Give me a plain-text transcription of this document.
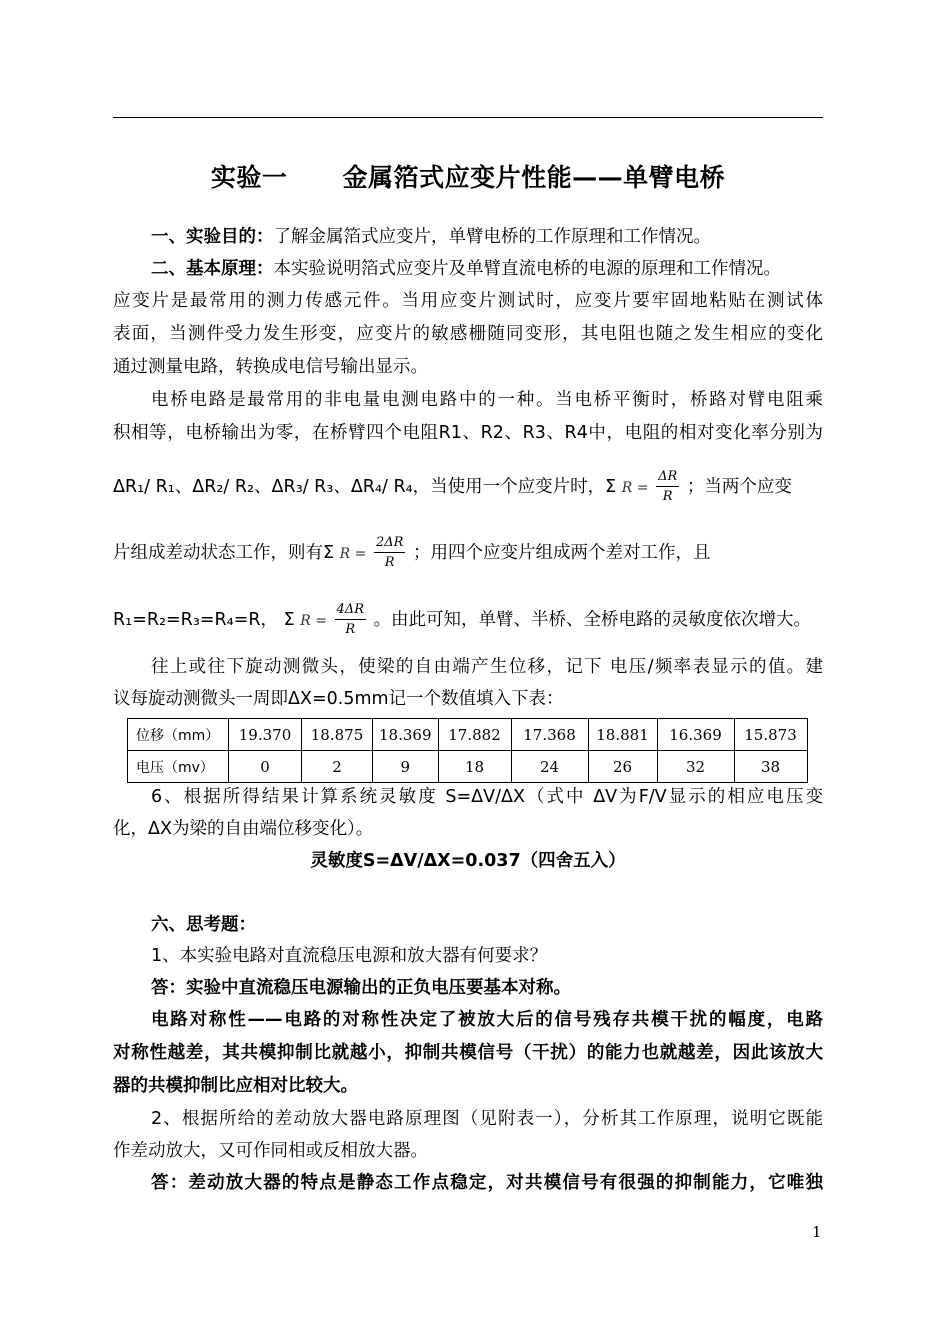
实验一      金属箔式应变片性能——单臂电桥
一、实验目的：了解金属箔式应变片，单臂电桥的工作原理和工作情况。
二、基本原理：本实验说明箔式应变片及单臂直流电桥的电源的原理和工作情况。
应变片是最常用的测力传感元件。当用应变片测试时，应变片要牢固地粘贴在测试体
表面，当测件受力发生形变，应变片的敏感栅随同变形，其电阻也随之发生相应的变化
通过测量电路，转换成电信号输出显示。
电桥电路是最常用的非电量电测电路中的一种。当电桥平衡时，桥路对臂电阻乘
积相等，电桥输出为零，在桥臂四个电阻R1、R2、R3、R4中，电阻的相对变化率分别为
ΔR₁/ R₁、ΔR₂/ R₂、ΔR₃/ R₃、ΔR₄/ R₄，当使用一个应变片时，Σ $R = \frac{\Delta R}{R}$ ；当两个应变
片组成差动状态工作，则有Σ $R = \frac{2\Delta R}{R}$ ；用四个应变片组成两个差对工作，且
R₁=R₂=R₃=R₄=R， Σ $R = \frac{4\Delta R}{R}$ 。由此可知，单臂、半桥、全桥电路的灵敏度依次增大。
往上或往下旋动测微头，使梁的自由端产生位移，记下 电压/频率表显示的值。建
议每旋动测微头一周即ΔX=0.5mm记一个数值填入下表：
位移（mm）	19.370	18.875	18.369	17.882	17.368	18.881	16.369	15.873
电压（mv）	0	2	9	18	24	26	32	38
6、根据所得结果计算系统灵敏度 S=ΔV/ΔX（式中 ΔV为F/V显示的相应电压变
化，ΔX为梁的自由端位移变化）。
灵敏度S=ΔV/ΔX=0.037（四舍五入）
六、思考题：
1、本实验电路对直流稳压电源和放大器有何要求？
答：实验中直流稳压电源输出的正负电压要基本对称。
电路对称性——电路的对称性决定了被放大后的信号残存共模干扰的幅度，电路
对称性越差，其共模抑制比就越小，抑制共模信号（干扰）的能力也就越差，因此该放大
器的共模抑制比应相对比较大。
2、根据所给的差动放大器电路原理图（见附表一），分析其工作原理，说明它既能
作差动放大，又可作同相或反相放大器。
答：差动放大器的特点是静态工作点稳定，对共模信号有很强的抑制能力，它唯独
1
